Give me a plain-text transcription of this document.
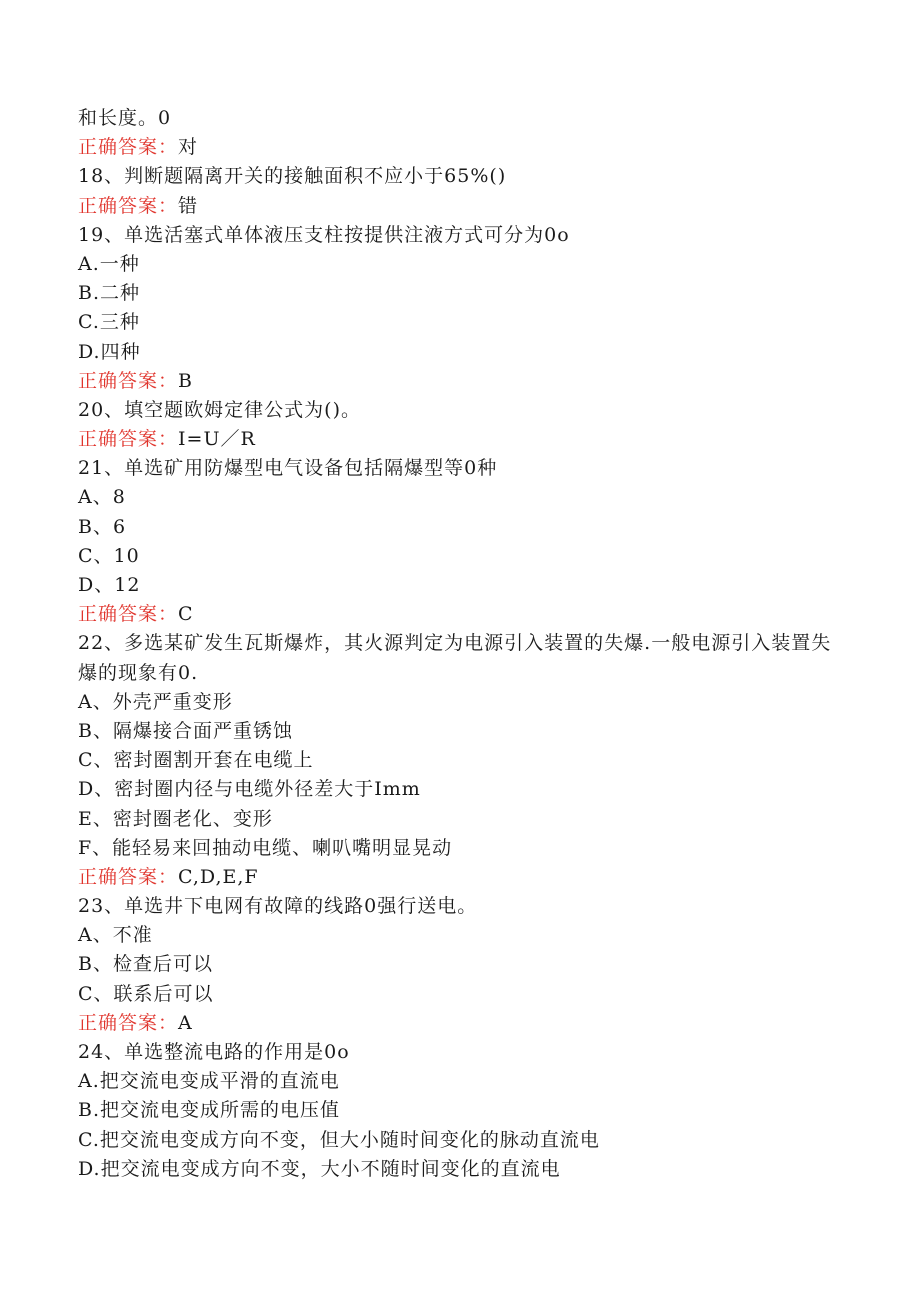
和长度。0
正确答案：对
18、判断题隔离开关的接触面积不应小于65%()
正确答案：错
19、单选活塞式单体液压支柱按提供注液方式可分为0o
A.一种
B.二种
C.三种
D.四种
正确答案：B
20、填空题欧姆定律公式为()。
正确答案：I=U／R
21、单选矿用防爆型电气设备包括隔爆型等0种
A、8
B、6
C、10
D、12
正确答案：C
22、多选某矿发生瓦斯爆炸，其火源判定为电源引入装置的失爆.一般电源引入装置失爆的现象有0.
A、外壳严重变形
B、隔爆接合面严重锈蚀
C、密封圈割开套在电缆上
D、密封圈内径与电缆外径差大于Imm
E、密封圈老化、变形
F、能轻易来回抽动电缆、喇叭嘴明显晃动
正确答案：C,D,E,F
23、单选井下电网有故障的线路0强行送电。
A、不准
B、检查后可以
C、联系后可以
正确答案：A
24、单选整流电路的作用是0o
A.把交流电变成平滑的直流电
B.把交流电变成所需的电压值
C.把交流电变成方向不变，但大小随时间变化的脉动直流电
D.把交流电变成方向不变，大小不随时间变化的直流电
